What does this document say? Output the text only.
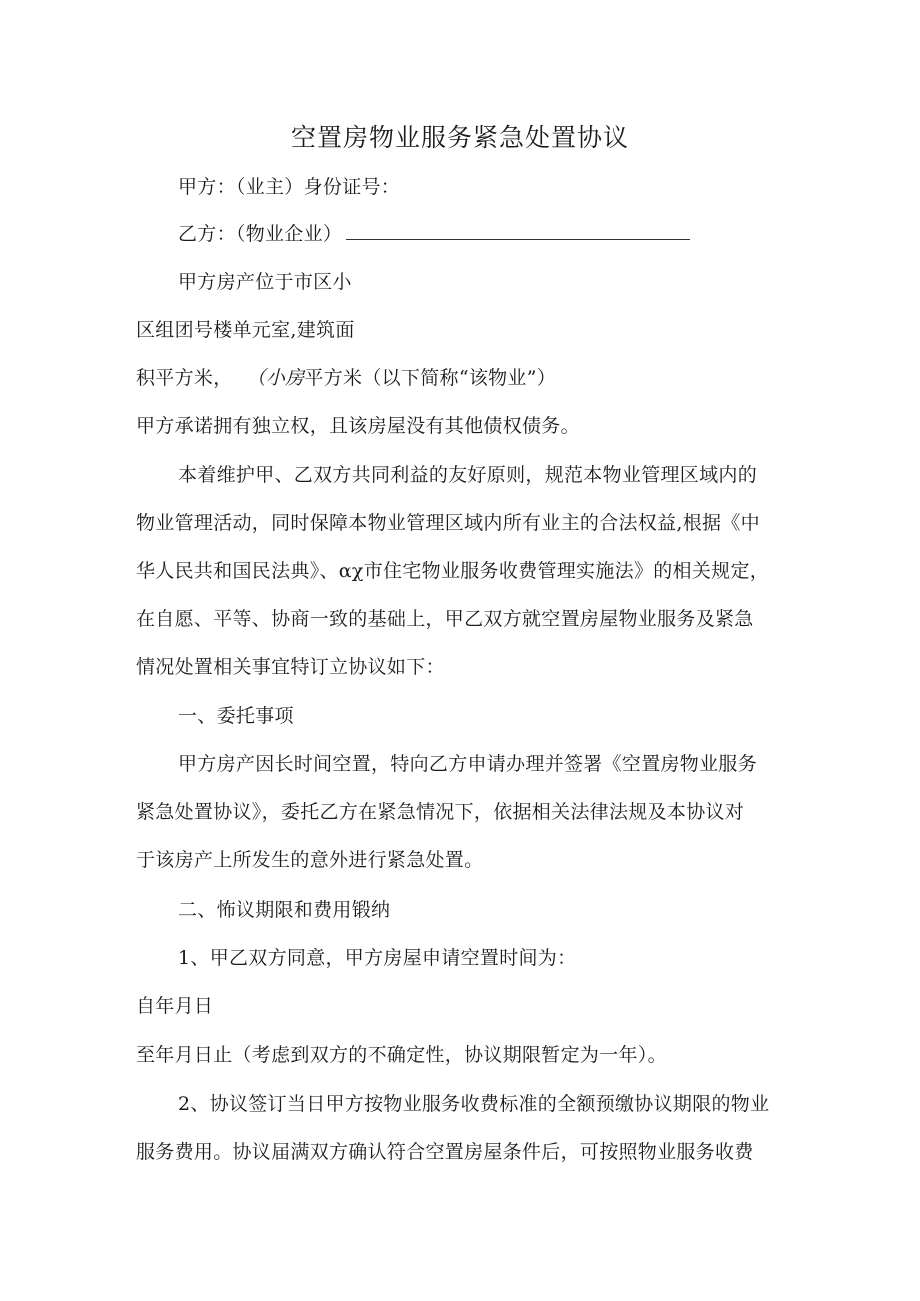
空置房物业服务紧急处置协议
甲方：（业主）身份证号：
乙方：（物业企业）
甲方房产位于市区小
区组团号楼单元室,建筑面
积平方米， （小房平方米（以下简称“该物业”）
甲方承诺拥有独立权，且该房屋没有其他债权债务。
本着维护甲、乙双方共同利益的友好原则，规范本物业管理区域内的
物业管理活动，同时保障本物业管理区域内所有业主的合法权益,根据《中
华人民共和国民法典》、αχ市住宅物业服务收费管理实施法》的相关规定，
在自愿、平等、协商一致的基础上，甲乙双方就空置房屋物业服务及紧急
情况处置相关事宜特订立协议如下：
一、委托事项
甲方房产因长时间空置，特向乙方申请办理并签署《空置房物业服务
紧急处置协议》，委托乙方在紧急情况下，依据相关法律法规及本协议对
于该房产上所发生的意外进行紧急处置。
二、怖议期限和费用锻纳
1、甲乙双方同意，甲方房屋申请空置时间为：
自年月日
至年月日止（考虑到双方的不确定性，协议期限暂定为一年）。
2、协议签订当日甲方按物业服务收费标准的全额预缴协议期限的物业
服务费用。协议届满双方确认符合空置房屋条件后，可按照物业服务收费
